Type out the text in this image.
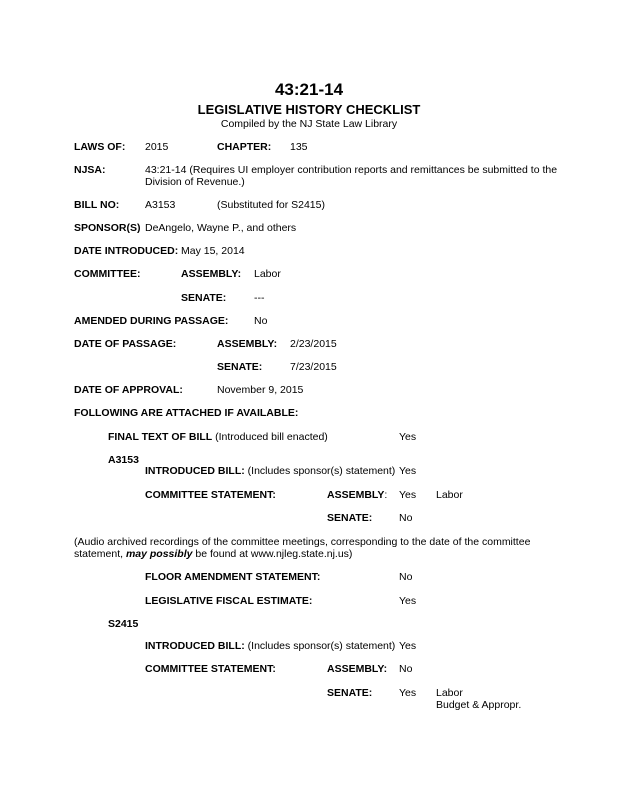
43:21-14
LEGISLATIVE HISTORY CHECKLIST
Compiled by the NJ State Law Library
LAWS OF: 2015	CHAPTER: 135
NJSA:	43:21-14 (Requires UI employer contribution reports and remittances be submitted to the
Division of Revenue.)
BILL NO: A3153	(Substituted for S2415)
SPONSOR(S) DeAngelo, Wayne P., and others
DATE INTRODUCED: May 15, 2014
COMMITTEE:	ASSEMBLY: Labor
SENATE:	---
AMENDED DURING PASSAGE: No
DATE OF PASSAGE:	ASSEMBLY: 2/23/2015
SENATE:	7/23/2015
DATE OF APPROVAL:	November 9, 2015
FOLLOWING ARE ATTACHED IF AVAILABLE:
FINAL TEXT OF BILL (Introduced bill enacted)	Yes
A3153
INTRODUCED BILL: (Includes sponsor(s) statement) Yes
COMMITTEE STATEMENT:	ASSEMBLY: Yes Labor
SENATE:	No
(Audio archived recordings of the committee meetings, corresponding to the date of the committee
statement, may possibly be found at www.njleg.state.nj.us)
FLOOR AMENDMENT STATEMENT:	No
LEGISLATIVE FISCAL ESTIMATE:	Yes
S2415
INTRODUCED BILL: (Includes sponsor(s) statement) Yes
COMMITTEE STATEMENT:	ASSEMBLY: No
SENATE:	Yes Labor
Budget & Appropr.
